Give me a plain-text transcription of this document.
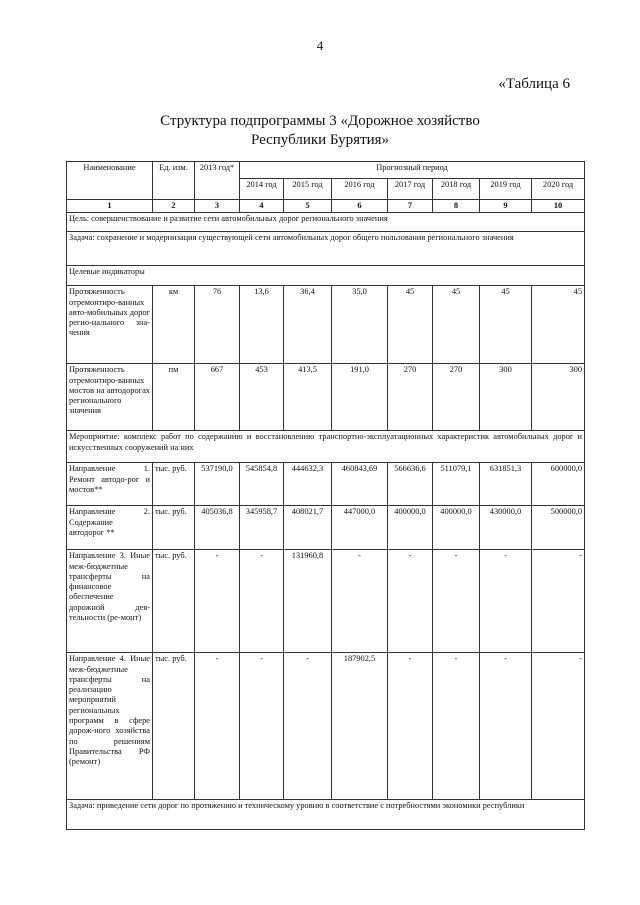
4
«Таблица 6
Структура подпрограммы 3 «Дорожное хозяйство
Республики Бурятия»
Наименование	Ед. изм.	2013 год*	Прогнозный период						
			2014 год	2015 год	2016 год	2017 год	2018 год	2019 год	2020 год
1	2	3	4	5	6	7	8	9	10
Цель: совершенствование и развитие сети автомобильных дорог регионального значения									
Задача: сохранение и модернизация существующей сети автомобильных дорог общего пользования регионального значения									
Целевые индикаторы									
Протяженность отремонтиро-ванных авто-мобильных дорог регио-нального зна-чения	км	76	13,6	36,4	35,0	45	45	45	45
Протяженность отремонтиро-ванных мостов на автодорогах регионального значения	пм	667	453	413,5	191,0	270	270	300	300
Мероприятие: комплекс работ по содержанию и восстановлению транспортно-эксплуатационных характеристик автомобильных дорог и искусственных сооружений на них									
Направление 1. Ремонт автодо-рог и мостов**	тыс. руб.	537190,0	545854,8	444632,3	460843,69	566636,6	511079,1	631851,3	600000,0
Направление 2. Содержание автодорог **	тыс. руб.	405036,8	345958,7	408021,7	447000,0	400000,0	400000,0	430000,0	500000,0
Направление 3. Иные меж-бюджетные трансферты на финансовое обеспечение дорожной дея-тельности (ре-монт)	тыс. руб.	-	-	131960,8	-	-	-	-	-
Направление 4. Иные меж-бюджетные трансферты на реализацию мероприятий региональных программ в сфере дорож-ного хозяйства по решениям Правительства РФ (ремонт)	тыс. руб.	-	-	-	187902,5	-	-	-	-
Задача: приведение сети дорог по протяжению и техническому уровню в соответствие с потребностями экономики республики									
